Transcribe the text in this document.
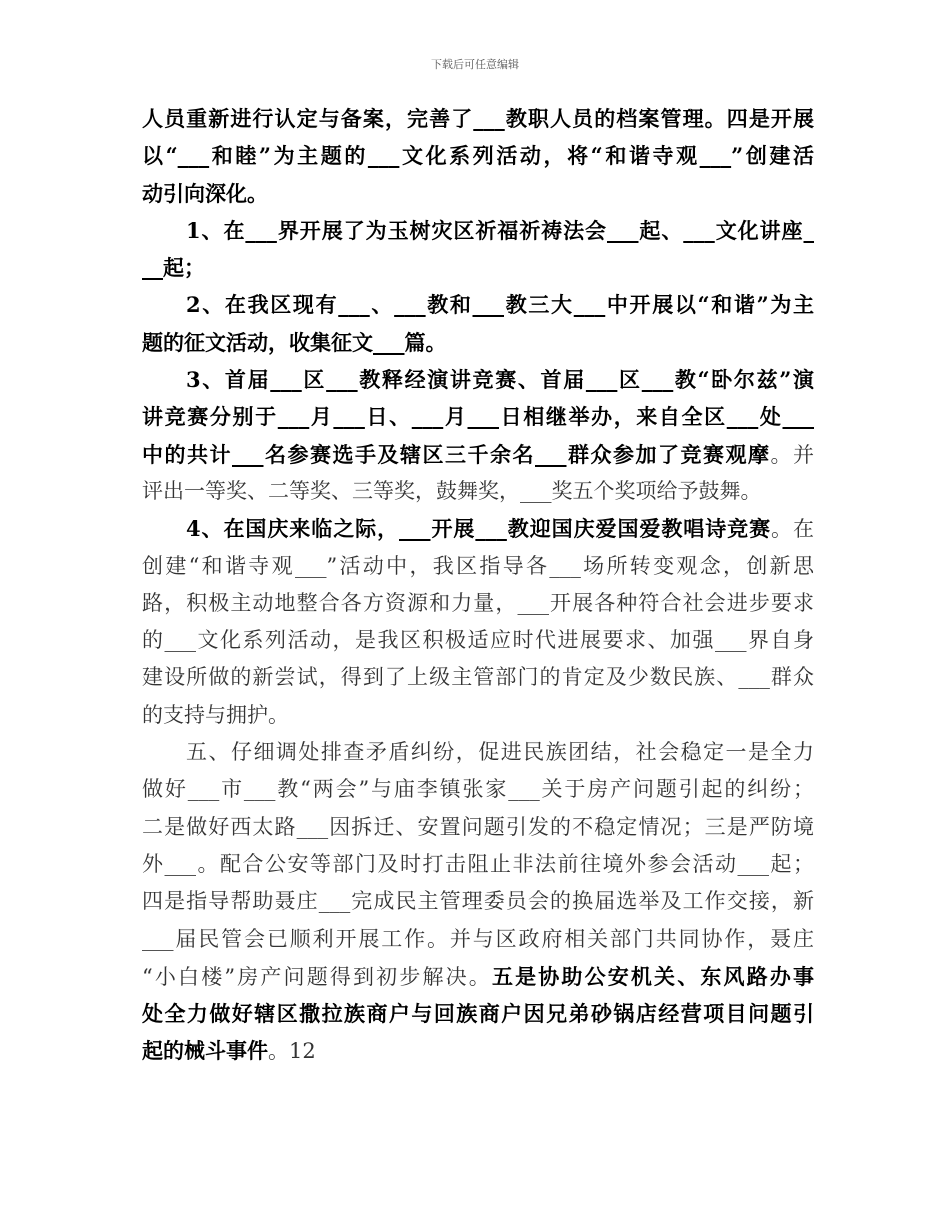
下载后可任意编辑
人员重新进行认定与备案，完善了___教职人员的档案管理。四是开展
以“___和睦”为主题的___文化系列活动，将“和谐寺观___”创建活
动引向深化。
1、在___界开展了为玉树灾区祈福祈祷法会___起、___文化讲座_
__起；
2、在我区现有___、___教和___教三大___中开展以“和谐”为主
题的征文活动，收集征文___篇。
3、首届___区___教释经演讲竞赛、首届___区___教“卧尔兹”演
讲竞赛分别于___月___日、___月___日相继举办，来自全区___处___
中的共计___名参赛选手及辖区三千余名___群众参加了竞赛观摩。并
评出一等奖、二等奖、三等奖，鼓舞奖，___奖五个奖项给予鼓舞。
4、在国庆来临之际，___开展___教迎国庆爱国爱教唱诗竞赛。在
创建“和谐寺观___”活动中，我区指导各___场所转变观念，创新思
路，积极主动地整合各方资源和力量，___开展各种符合社会进步要求
的___文化系列活动，是我区积极适应时代进展要求、加强___界自身
建设所做的新尝试，得到了上级主管部门的肯定及少数民族、___群众
的支持与拥护。
五、仔细调处排查矛盾纠纷，促进民族团结，社会稳定一是全力
做好___市___教“两会”与庙李镇张家___关于房产问题引起的纠纷；
二是做好西太路___因拆迁、安置问题引发的不稳定情况；三是严防境
外___。配合公安等部门及时打击阻止非法前往境外参会活动___起；
四是指导帮助聂庄___完成民主管理委员会的换届选举及工作交接，新
___届民管会已顺利开展工作。并与区政府相关部门共同协作，聂庄
“小白楼”房产问题得到初步解决。五是协助公安机关、东风路办事
处全力做好辖区撒拉族商户与回族商户因兄弟砂锅店经营项目问题引
起的械斗事件。12
